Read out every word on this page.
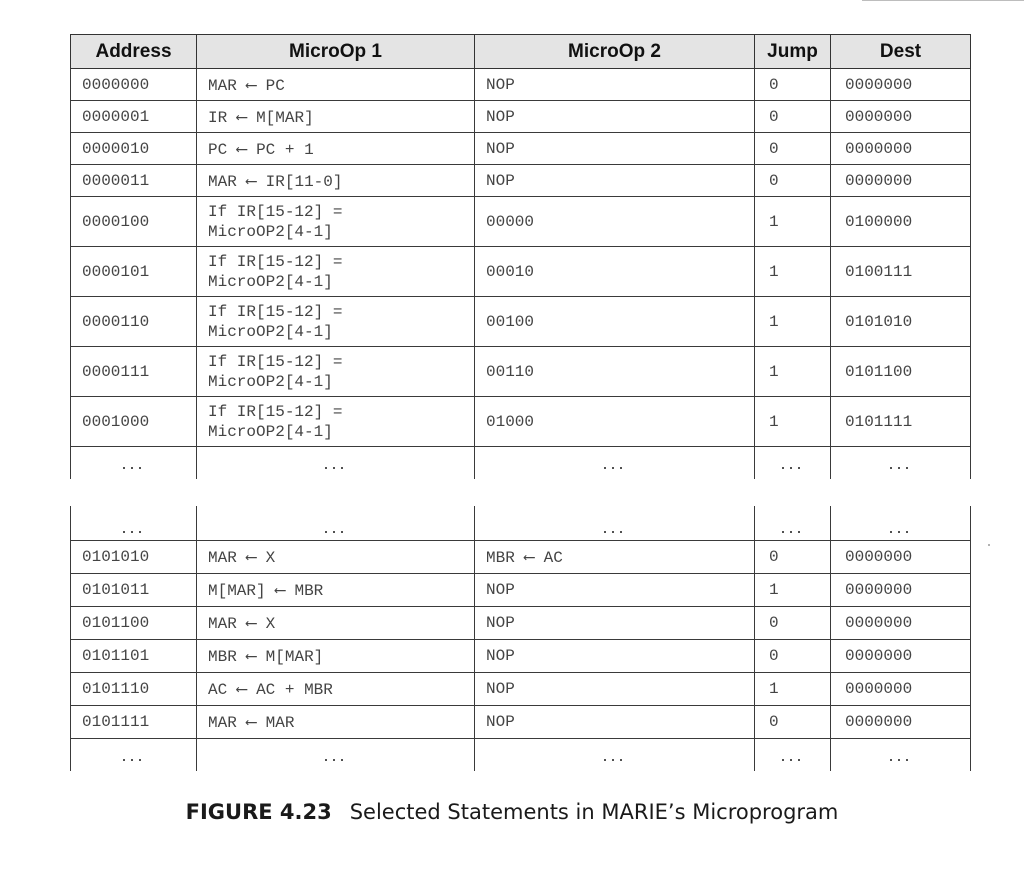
Address	MicroOp 1	MicroOp 2	Jump	Dest
0000000	MAR ⟵ PC	NOP	0	0000000
0000001	IR ⟵ M[MAR]	NOP	0	0000000
0000010	PC ⟵ PC + 1	NOP	0	0000000
0000011	MAR ⟵ IR[11-0]	NOP	0	0000000
0000100	If IR[15-12] =
MicroOP2[4-1]	00000	1	0100000
0000101	If IR[15-12] =
MicroOP2[4-1]	00010	1	0100111
0000110	If IR[15-12] =
MicroOP2[4-1]	00100	1	0101010
0000111	If IR[15-12] =
MicroOP2[4-1]	00110	1	0101100
0001000	If IR[15-12] =
MicroOP2[4-1]	01000	1	0101111
...	...	...	...	...
...	...	...	...	...
0101010	MAR ⟵ X	MBR ⟵ AC	0	0000000
0101011	M[MAR] ⟵ MBR	NOP	1	0000000
0101100	MAR ⟵ X	NOP	0	0000000
0101101	MBR ⟵ M[MAR]	NOP	0	0000000
0101110	AC ⟵ AC + MBR	NOP	1	0000000
0101111	MAR ⟵ MAR	NOP	0	0000000
...	...	...	...	...
FIGURE 4.23 Selected Statements in MARIE’s Microprogram
